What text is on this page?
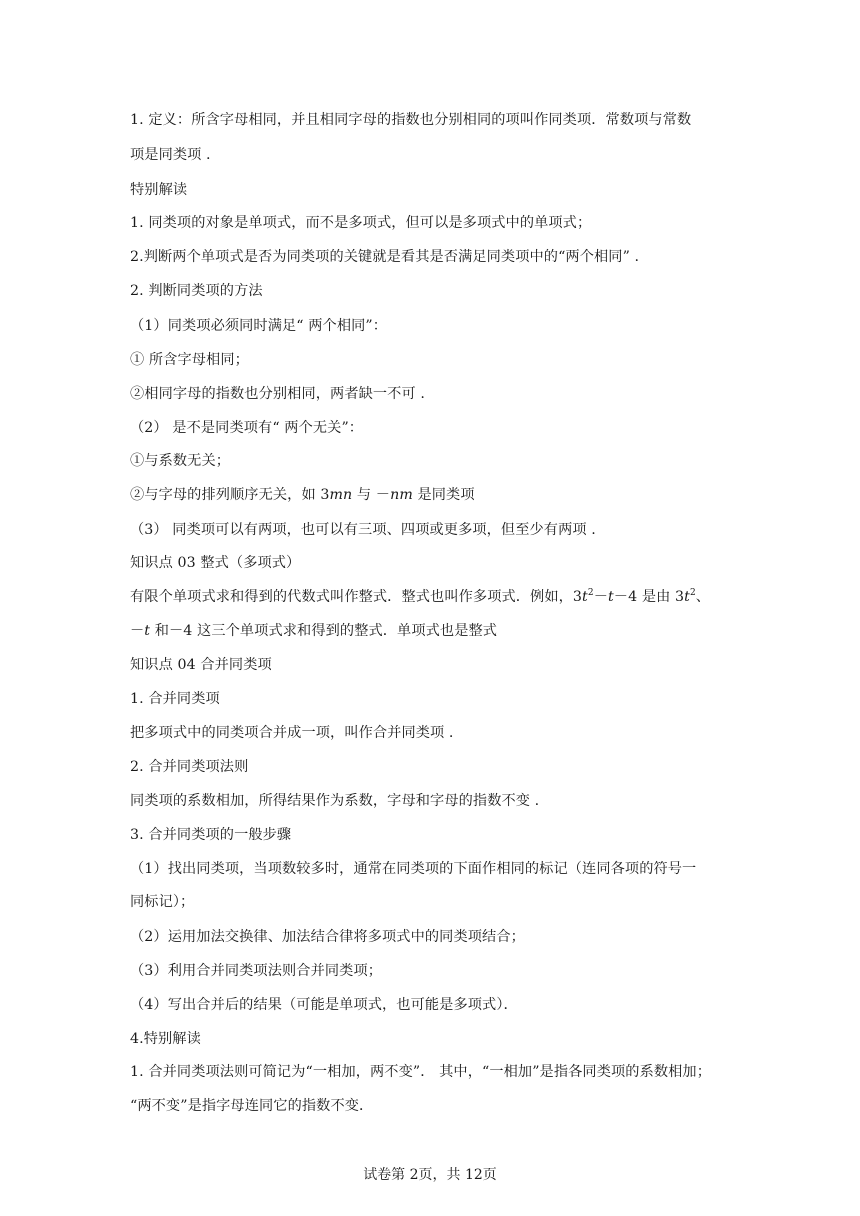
1. 定义：所含字母相同，并且相同字母的指数也分别相同的项叫作同类项．常数项与常数
项是同类项 .
特别解读
1. 同类项的对象是单项式，而不是多项式，但可以是多项式中的单项式；
2.判断两个单项式是否为同类项的关键就是看其是否满足同类项中的“两个相同” .
2. 判断同类项的方法
（1）同类项必须同时满足“ 两个相同”：
① 所含字母相同；
②相同字母的指数也分别相同，两者缺一不可 .
（2） 是不是同类项有“ 两个无关”：
①与系数无关；
②与字母的排列顺序无关，如 3mn 与 －nm 是同类项
（3） 同类项可以有两项，也可以有三项、四项或更多项，但至少有两项 .
知识点 03 整式（多项式）
有限个单项式求和得到的代数式叫作整式．整式也叫作多项式．例如，$3t^2-t-4$ 是由 $3t^2$、
－t 和－4 这三个单项式求和得到的整式．单项式也是整式
知识点 04 合并同类项
1. 合并同类项
把多项式中的同类项合并成一项，叫作合并同类项 .
2. 合并同类项法则
同类项的系数相加，所得结果作为系数，字母和字母的指数不变 .
3. 合并同类项的一般步骤
（1）找出同类项，当项数较多时，通常在同类项的下面作相同的标记（连同各项的符号一
同标记）；
（2）运用加法交换律、加法结合律将多项式中的同类项结合；
（3）利用合并同类项法则合并同类项；
（4）写出合并后的结果（可能是单项式，也可能是多项式）．
4.特别解读
1. 合并同类项法则可简记为“一相加，两不变”． 其中，“一相加”是指各同类项的系数相加；
“两不变”是指字母连同它的指数不变．
试卷第 2页，共 12页
